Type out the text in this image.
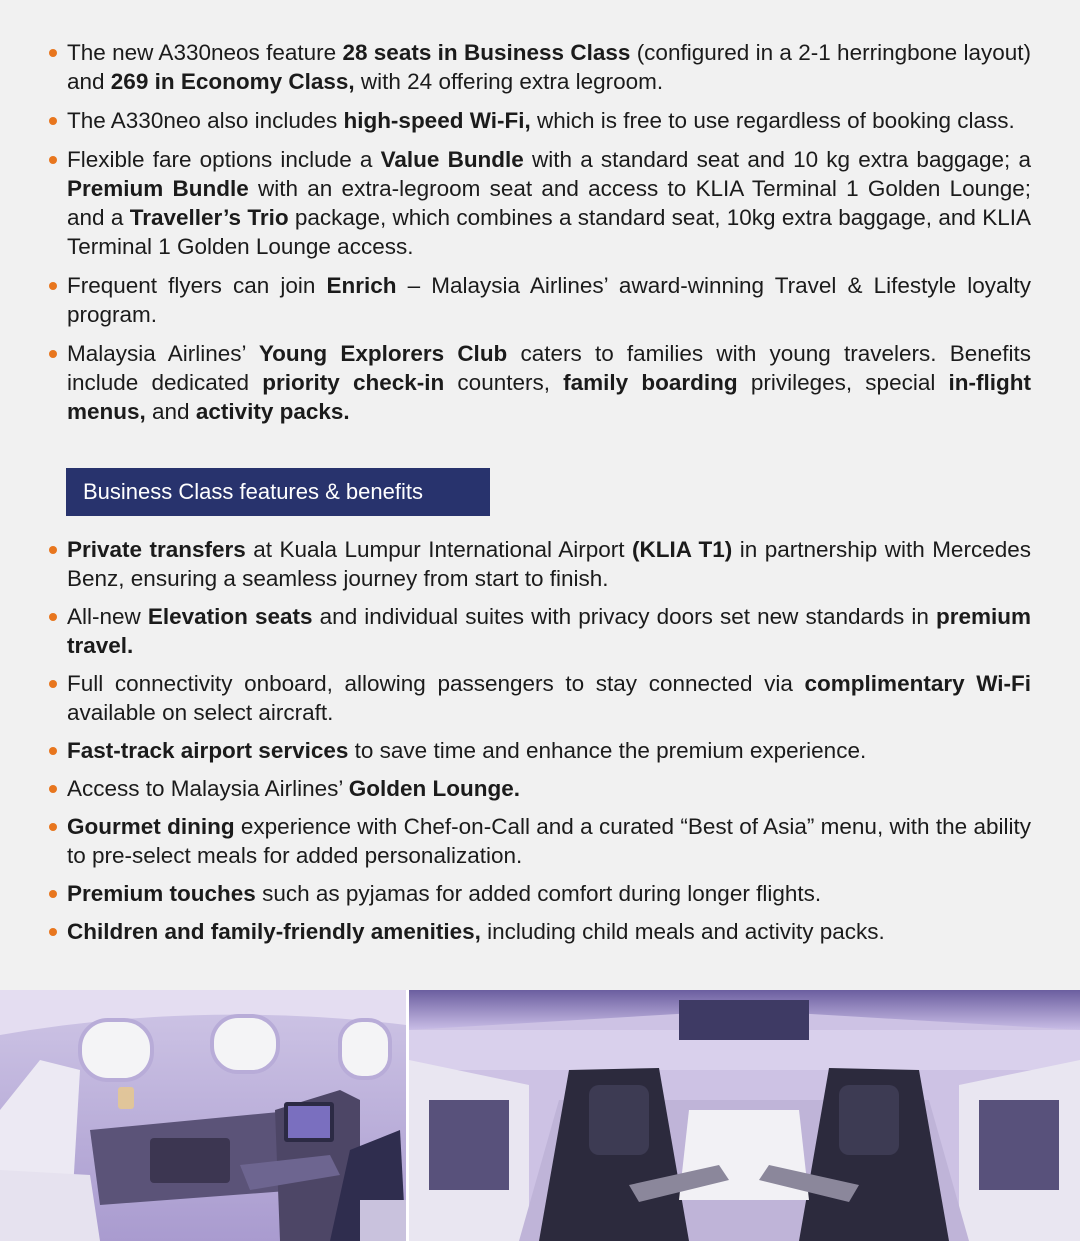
The new A330neos feature 28 seats in Business Class (configured in a 2-1 herringbone layout) and 269 in Economy Class, with 24 offering extra legroom.
The A330neo also includes high-speed Wi-Fi, which is free to use regardless of booking class.
Flexible fare options include a Value Bundle with a standard seat and 10 kg extra baggage; a Premium Bundle with an extra-legroom seat and access to KLIA Terminal 1 Golden Lounge; and a Traveller’s Trio package, which combines a standard seat, 10kg extra baggage, and KLIA Terminal 1 Golden Lounge access.
Frequent flyers can join Enrich – Malaysia Airlines’ award-winning Travel & Lifestyle loyalty program.
Malaysia Airlines’ Young Explorers Club caters to families with young travelers. Benefits include dedicated priority check-in counters, family boarding privileges, special in-flight menus, and activity packs.
Business Class features & benefits
Private transfers at Kuala Lumpur International Airport (KLIA T1) in partnership with Mercedes Benz, ensuring a seamless journey from start to finish.
All-new Elevation seats and individual suites with privacy doors set new standards in premium travel.
Full connectivity onboard, allowing passengers to stay connected via complimentary Wi-Fi available on select aircraft.
Fast-track airport services to save time and enhance the premium experience.
Access to Malaysia Airlines’ Golden Lounge.
Gourmet dining experience with Chef-on-Call and a curated “Best of Asia” menu, with the ability to pre-select meals for added personalization.
Premium touches such as pyjamas for added comfort during longer flights.
Children and family-friendly amenities, including child meals and activity packs.
